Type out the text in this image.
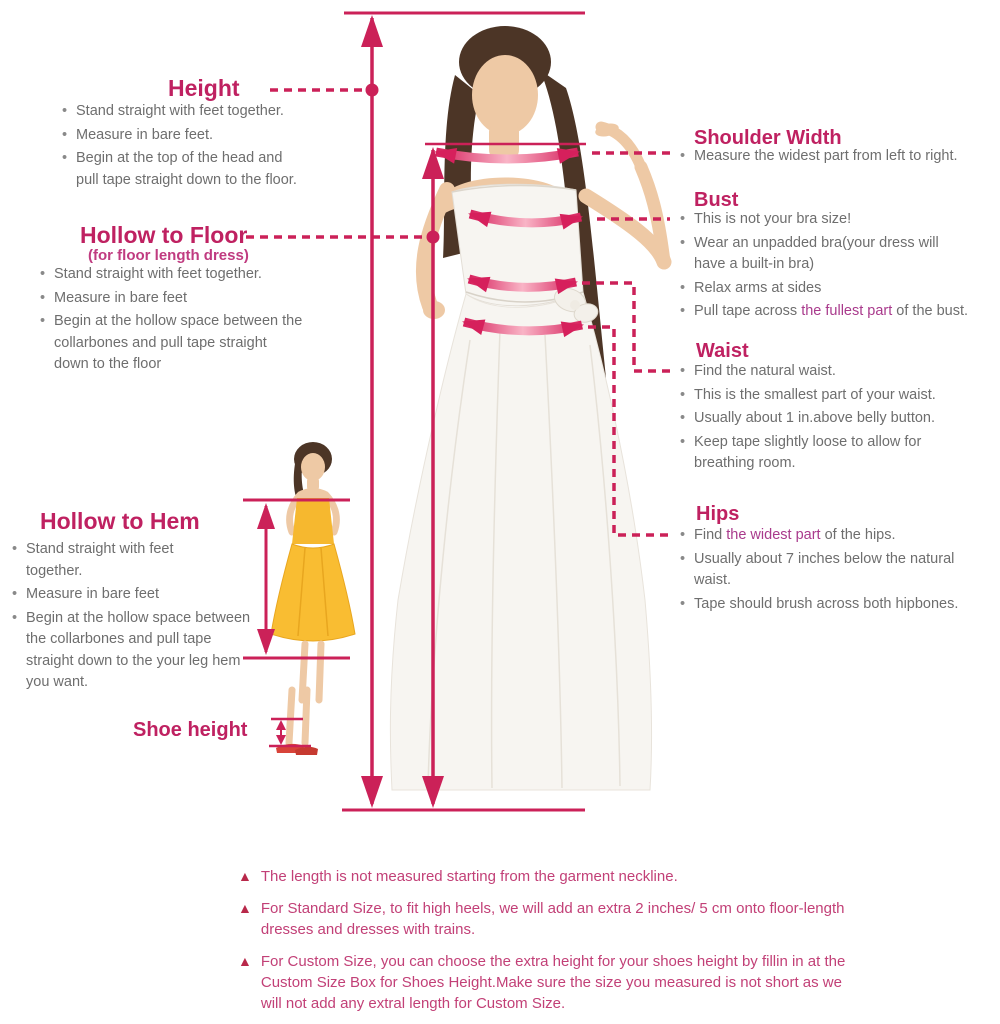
Height
• Stand straight with feet together.
• Measure in bare feet.
• Begin at the top of the head and pull tape straight down to the floor.
Hollow to Floor
(for floor length dress)
• Stand straight with feet together.
• Measure in bare feet
• Begin at the hollow space between the collarbones and pull tape straight down to the floor
Hollow to Hem
• Stand straight with feet together.
• Measure in bare feet
• Begin at the hollow space between the collarbones and pull tape straight down to the your leg hem you want.
Shoe height
Shoulder Width
• Measure the widest part from left to right.
Bust
• This is not your bra size!
• Wear an unpadded bra(your dress will have a built-in bra)
• Relax arms at sides
• Pull tape across the fullest part of the bust.
Waist
• Find the natural waist.
• This is the smallest part of your waist.
• Usually about 1 in.above belly button.
• Keep tape slightly loose to allow for breathing room.
Hips
• Find the widest part of the hips.
• Usually about 7 inches below the natural waist.
• Tape should brush across both hipbones.
▲ The length is not measured starting from the garment neckline.
▲ For Standard Size, to fit high heels, we will add an extra 2 inches/ 5 cm onto floor-length dresses and dresses with trains.
▲ For Custom Size, you can choose the extra height for your shoes height by fillin in at the Custom Size Box for Shoes Height.Make sure the size you measured is not short as we will not add any extral length for Custom Size.
